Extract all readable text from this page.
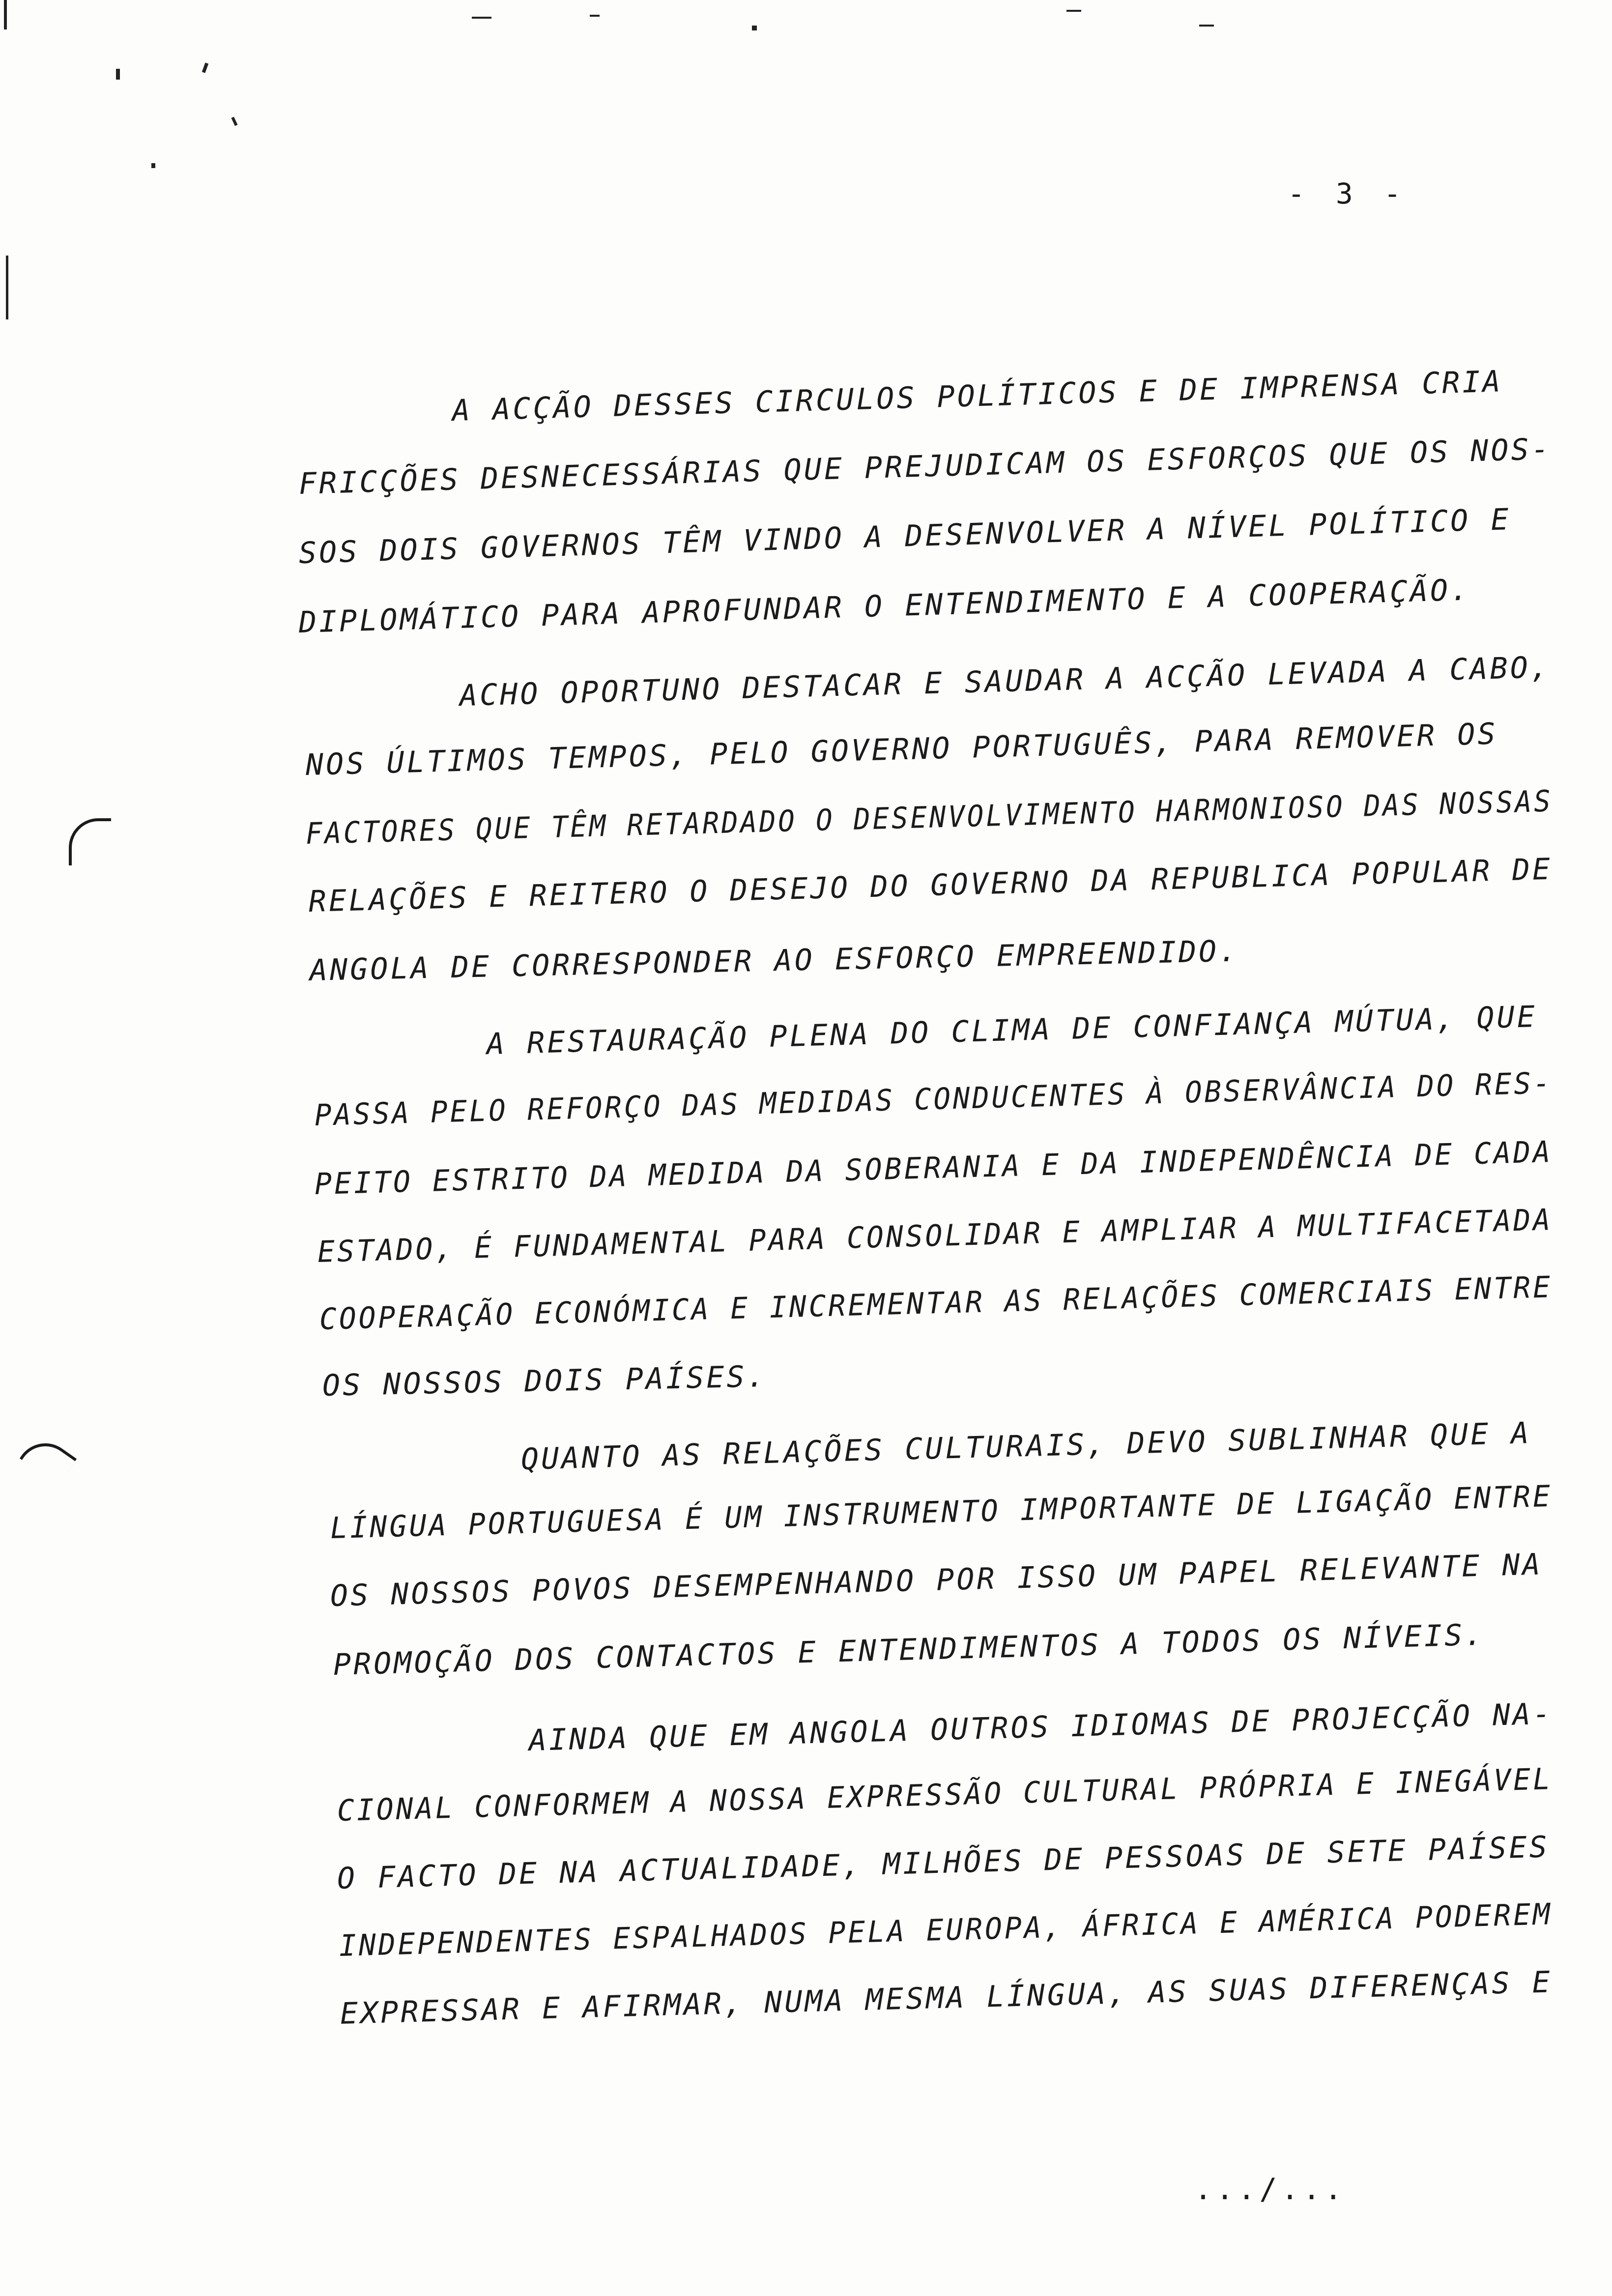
- 3 -
A ACÇÃO DESSES CIRCULOS POLÍTICOS E DE IMPRENSA CRIA
FRICÇÕES DESNECESSÁRIAS QUE PREJUDICAM OS ESFORÇOS QUE OS NOS-
SOS DOIS GOVERNOS TÊM VINDO A DESENVOLVER A NÍVEL POLÍTICO E
DIPLOMÁTICO PARA APROFUNDAR O ENTENDIMENTO E A COOPERAÇÃO.
ACHO OPORTUNO DESTACAR E SAUDAR A ACÇÃO LEVADA A CABO,
NOS ÚLTIMOS TEMPOS, PELO GOVERNO PORTUGUÊS, PARA REMOVER OS
FACTORES QUE TÊM RETARDADO O DESENVOLVIMENTO HARMONIOSO DAS NOSSAS
RELAÇÕES E REITERO O DESEJO DO GOVERNO DA REPUBLICA POPULAR DE
ANGOLA DE CORRESPONDER AO ESFORÇO EMPREENDIDO.
A RESTAURAÇÃO PLENA DO CLIMA DE CONFIANÇA MÚTUA, QUE
PASSA PELO REFORÇO DAS MEDIDAS CONDUCENTES À OBSERVÂNCIA DO RES-
PEITO ESTRITO DA MEDIDA DA SOBERANIA E DA INDEPENDÊNCIA DE CADA
ESTADO, É FUNDAMENTAL PARA CONSOLIDAR E AMPLIAR A MULTIFACETADA
COOPERAÇÃO ECONÓMICA E INCREMENTAR AS RELAÇÕES COMERCIAIS ENTRE
OS NOSSOS DOIS PAÍSES.
QUANTO AS RELAÇÕES CULTURAIS, DEVO SUBLINHAR QUE A
LÍNGUA PORTUGUESA É UM INSTRUMENTO IMPORTANTE DE LIGAÇÃO ENTRE
OS NOSSOS POVOS DESEMPENHANDO POR ISSO UM PAPEL RELEVANTE NA
PROMOÇÃO DOS CONTACTOS E ENTENDIMENTOS A TODOS OS NÍVEIS.
AINDA QUE EM ANGOLA OUTROS IDIOMAS DE PROJECÇÃO NA-
CIONAL CONFORMEM A NOSSA EXPRESSÃO CULTURAL PRÓPRIA E INEGÁVEL
O FACTO DE NA ACTUALIDADE, MILHÕES DE PESSOAS DE SETE PAÍSES
INDEPENDENTES ESPALHADOS PELA EUROPA, ÁFRICA E AMÉRICA PODEREM
EXPRESSAR E AFIRMAR, NUMA MESMA LÍNGUA, AS SUAS DIFERENÇAS E
.../...
